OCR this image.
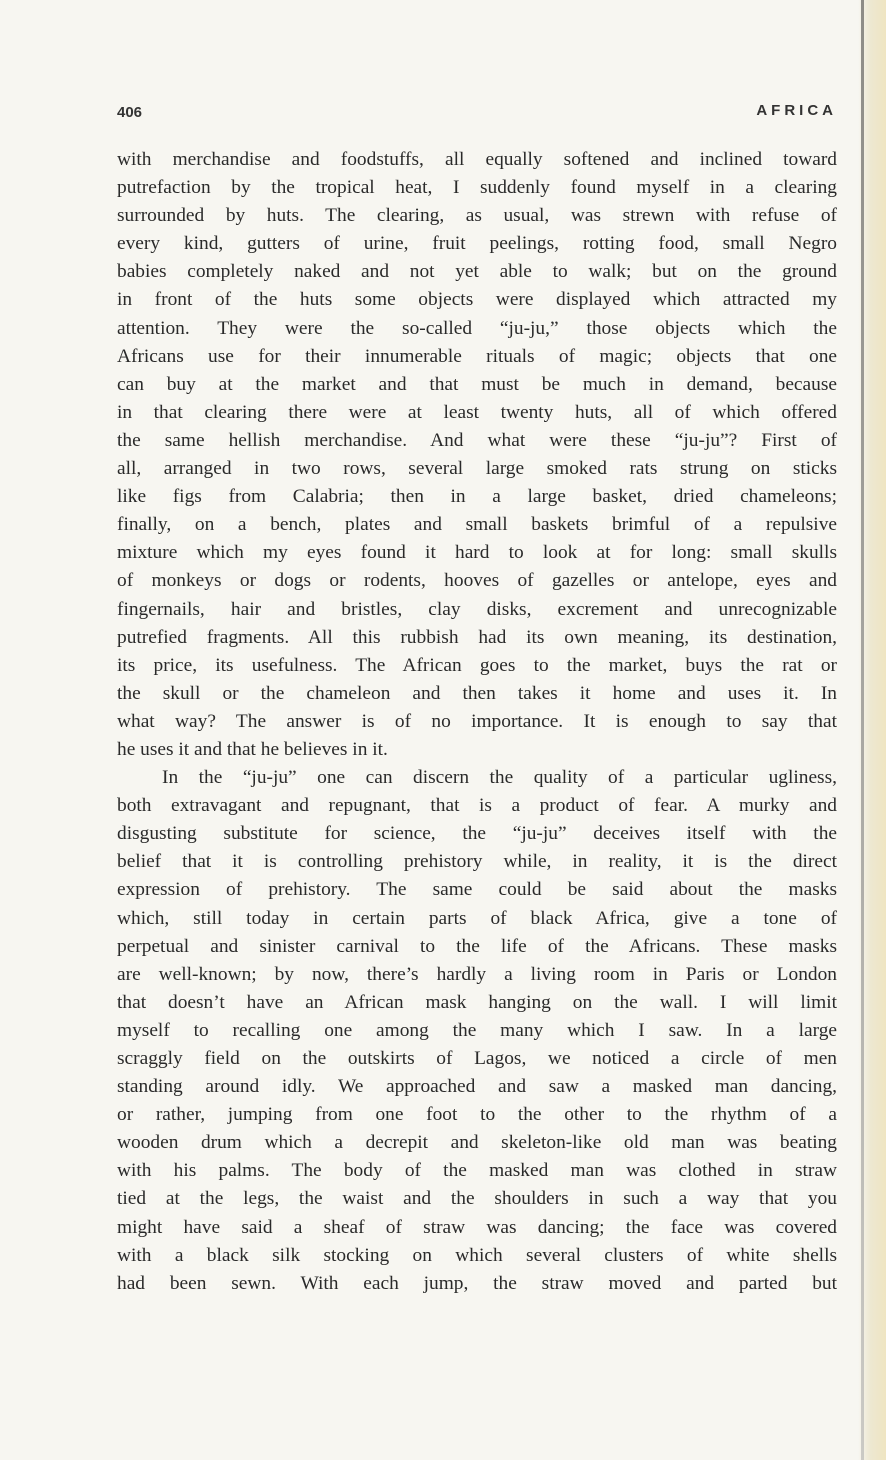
406	AFRICA
with merchandise and foodstuffs, all equally softened and inclined toward
putrefaction by the tropical heat, I suddenly found myself in a clearing
surrounded by huts. The clearing, as usual, was strewn with refuse of
every kind, gutters of urine, fruit peelings, rotting food, small Negro
babies completely naked and not yet able to walk; but on the ground
in front of the huts some objects were displayed which attracted my
attention. They were the so-called “ju-ju,” those objects which the
Africans use for their innumerable rituals of magic; objects that one
can buy at the market and that must be much in demand, because
in that clearing there were at least twenty huts, all of which offered
the same hellish merchandise. And what were these “ju-ju”? First of
all, arranged in two rows, several large smoked rats strung on sticks
like figs from Calabria; then in a large basket, dried chameleons;
finally, on a bench, plates and small baskets brimful of a repulsive
mixture which my eyes found it hard to look at for long: small skulls
of monkeys or dogs or rodents, hooves of gazelles or antelope, eyes and
fingernails, hair and bristles, clay disks, excrement and unrecognizable
putrefied fragments. All this rubbish had its own meaning, its destination,
its price, its usefulness. The African goes to the market, buys the rat or
the skull or the chameleon and then takes it home and uses it. In
what way? The answer is of no importance. It is enough to say that
he uses it and that he believes in it.
In the “ju-ju” one can discern the quality of a particular ugliness,
both extravagant and repugnant, that is a product of fear. A murky and
disgusting substitute for science, the “ju-ju” deceives itself with the
belief that it is controlling prehistory while, in reality, it is the direct
expression of prehistory. The same could be said about the masks
which, still today in certain parts of black Africa, give a tone of
perpetual and sinister carnival to the life of the Africans. These masks
are well-known; by now, there’s hardly a living room in Paris or London
that doesn’t have an African mask hanging on the wall. I will limit
myself to recalling one among the many which I saw. In a large
scraggly field on the outskirts of Lagos, we noticed a circle of men
standing around idly. We approached and saw a masked man dancing,
or rather, jumping from one foot to the other to the rhythm of a
wooden drum which a decrepit and skeleton-like old man was beating
with his palms. The body of the masked man was clothed in straw
tied at the legs, the waist and the shoulders in such a way that you
might have said a sheaf of straw was dancing; the face was covered
with a black silk stocking on which several clusters of white shells
had been sewn. With each jump, the straw moved and parted but
